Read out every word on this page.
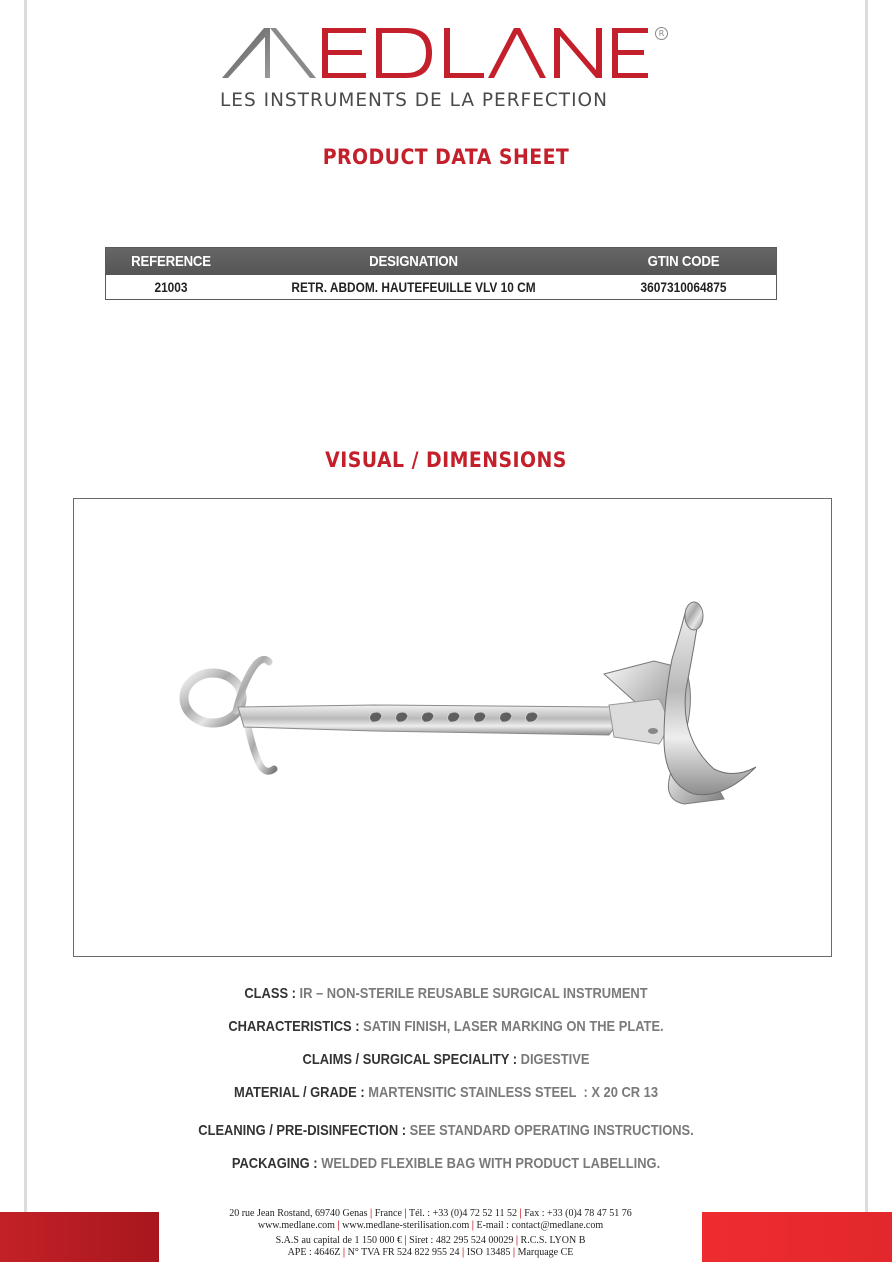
R
LES INSTRUMENTS DE LA PERFECTION
PRODUCT DATA SHEET
REFERENCE	DESIGNATION	GTIN CODE
21003	RETR. ABDOM. HAUTEFEUILLE VLV 10 CM	3607310064875
VISUAL / DIMENSIONS
CLASS : IR – NON-STERILE REUSABLE SURGICAL INSTRUMENT
CHARACTERISTICS : SATIN FINISH, LASER MARKING ON THE PLATE.
CLAIMS / SURGICAL SPECIALITY : DIGESTIVE
MATERIAL / GRADE : MARTENSITIC STAINLESS STEEL  : X 20 CR 13
CLEANING / PRE-DISINFECTION : SEE STANDARD OPERATING INSTRUCTIONS.
PACKAGING : WELDED FLEXIBLE BAG WITH PRODUCT LABELLING.
20 rue Jean Rostand, 69740 Genas | France | Tél. : +33 (0)4 72 52 11 52 | Fax : +33 (0)4 78 47 51 76
www.medlane.com | www.medlane-sterilisation.com | E-mail : contact@medlane.com
S.A.S au capital de 1 150 000 € | Siret : 482 295 524 00029 | R.C.S. LYON B
APE : 4646Z | N° TVA FR 524 822 955 24 | ISO 13485 | Marquage CE
